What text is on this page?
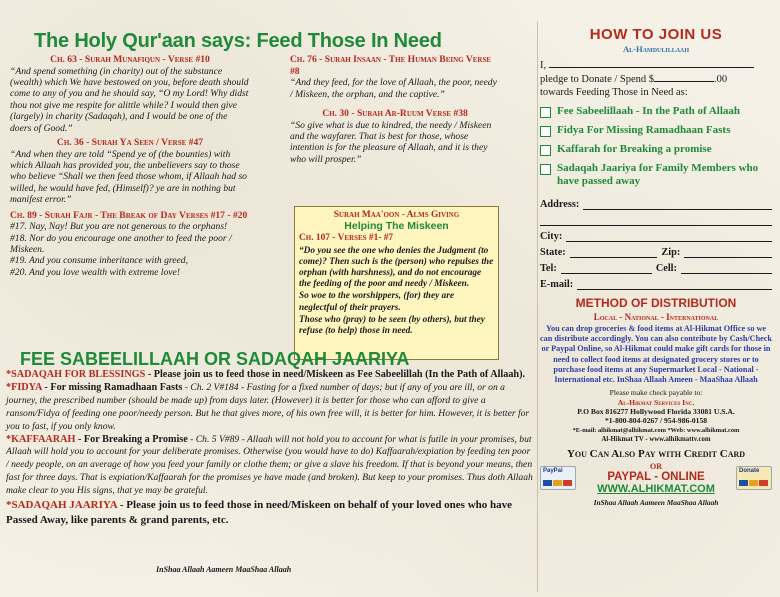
The Holy Qur'aan says: Feed Those In Need
Ch. 63 - Surah Munafiqun - Verse #10

“And spend something (in charity) out of the substance (wealth) which We have bestowed on you, before death should come to any of you and he should say, “O my Lord! Why didst thou not give me respite for alittle while? I would then give (largely) in charity (Sadaqah), and I would be one of the doers of Good.”

Ch. 36 - Surah Ya Seen / Verse #47

“And when they are told “Spend ye of (the bounties) with which Allaah has provided you, the unbelievers say to those who believe “Shall we then feed those whom, if Allaah had so willed, he would have fed, (Himself)? ye are in nothing but manifest error.”

Ch. 89 - Surah Fajr - The Break of Day Verses #17 - #20

#17. Nay, Nay! But you are not generous to the orphans!
#18. Nor do you encourage one another to feed the poor / Miskeen.
#19. And you consume inheritance with greed,
#20. And you love wealth with extreme love!

Ch. 76 - Surah Insaan - The Human Being Verse #8

“And they feed, for the love of Allaah, the poor, needy / Miskeen, the orphan, and the captive.”

Ch. 30 - Surah Ar-Ruum Verse #38

“So give what is due to kindred, the needy / Miskeen and the wayfarer. That is best for those, whose intention is for the pleasure of Allaah, and it is they who will prosper.”

Surah Maa'oon - Alms Giving
Helping The Miskeen
Ch. 107 - Verses #1- #7

“Do you see the one who denies the Judgment (to come)? Then such is the (person) who repulses the orphan (with harshness), and do not encourage the feeding of the poor and needy / Miskeen.

So woe to the worshippers, (for) they are neglectful of their prayers.

Those who (pray) to be seen (by others), but they refuse (to help) those in need.

FEE SABEELILLAAH OR SADAQAH JAARIYA
*SADAQAH FOR BLESSINGS - Please join us to feed those in need/Miskeen as Fee Sabeelillah (In the Path of Allaah).
*FIDYA - For missing Ramadhaan Fasts - Ch. 2 V#184 - Fasting for a fixed number of days; but if any of you are ill, or on a journey, the prescribed number (should be made up) from days later. (However) it is better for those who can afford to give a ransom/Fidya of feeding one poor/needy person. But he that gives more, of his own free will, it is better for him. However, it is better for you to fast, if you only know.
*KAFFAARAH - For Breaking a Promise - Ch. 5 V#89 - Allaah will not hold you to account for what is futile in your promises, but Allaah will hold you to account for your deliberate promises. Otherwise (you would have to do) Kaffaarah/expiation by feeding ten poor / needy people, on an average of how you feed your family or clothe them; or give a slave his freedom. If that is beyond your means, then fast for three days. That is expiation/Kaffaarah for the promises ye have made (and broken). But keep to your promises. Thus doth Allaah make clear to you His signs, that ye may be grateful.
*SADAQAH JAARIYA - Please join us to feed those in need/Miskeen on behalf of your loved ones who have Passed Away, like parents & grand parents, etc.
InShaa Allaah Aameen MaaShaa Allaah
HOW TO JOIN US
Al-Hamdulillaah
I,
pledge to Donate / Spend $	.00
towards Feeding Those in Need as:
Fee Sabeelillaah - In the Path of Allaah
Fidya For Missing Ramadhaan Fasts
Kaffarah for Breaking a promise
Sadaqah Jaariya for Family Members who have passed away
Address:
City:
State:	Zip:
Tel:	Cell:
E-mail:
METHOD OF DISTRIBUTION
Local - National - International
You can drop groceries & food items at Al-Hikmat Office so we can distribute accordingly. You can also contribute by Cash/Check or Paypal Online, so Al-Hikmat could make gift cards for those in need to collect food items at designated grocery stores or to purchase food items at any Supermarket Local - National - International etc. InShaa Allaah Ameen - MaaShaa Allaah
Please make check payable to:
Al-Hikmat Services Inc.
P.O Box 816277 Hollywood Florida 33081 U.S.A.
*1-800-804-0267 / 954-986-0158
*E-mail: alhikmat@alhikmat.com *Web: www.alhikmat.com
Al-Hikmat TV - www.alhikmattv.com
You Can Also Pay with Credit Card
PayPal
OR
PAYPAL - ONLINE
WWW.ALHIKMAT.COM
Donate
InShaa Allaah Aameen MaaShaa Allaah
